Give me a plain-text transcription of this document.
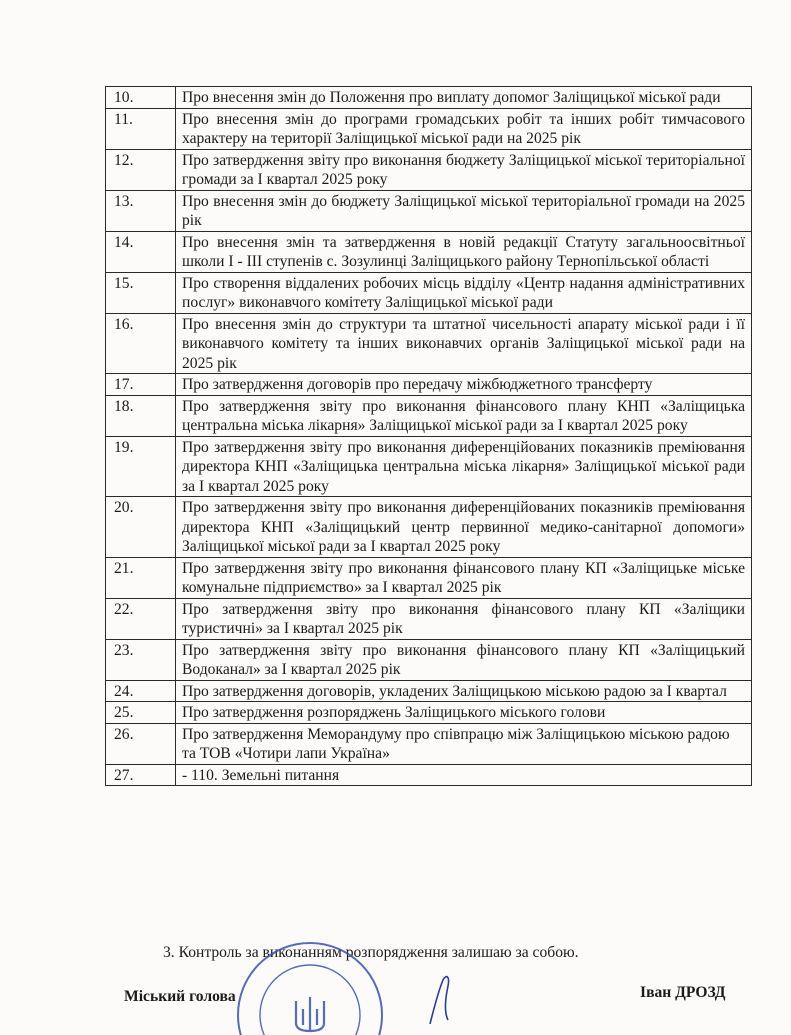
10.	Про внесення змін до Положення про виплату допомог Заліщицької міської ради
11.	Про внесення змін до програми громадських робіт та інших робіт тимчасового характеру на території Заліщицької міської ради на 2025 рік
12.	Про затвердження звіту про виконання бюджету Заліщицької міської територіальної громади за І квартал 2025 року
13.	Про внесення змін до бюджету Заліщицької міської територіальної громади на 2025 рік
14.	Про внесення змін та затвердження в новій редакції Статуту загальноосвітньої школи І - ІІІ ступенів с. Зозулинці Заліщицького району Тернопільської області
15.	Про створення віддалених робочих місць відділу «Центр надання адміністративних послуг» виконавчого комітету Заліщицької міської ради
16.	Про внесення змін до структури та штатної чисельності апарату міської ради і її виконавчого комітету та інших виконавчих органів Заліщицької міської ради на 2025 рік
17.	Про затвердження договорів про передачу міжбюджетного трансферту
18.	Про затвердження звіту про виконання фінансового плану КНП «Заліщицька центральна міська лікарня» Заліщицької міської ради за І квартал 2025 року
19.	Про затвердження звіту про виконання диференційованих показників преміювання директора КНП «Заліщицька центральна міська лікарня» Заліщицької міської ради за І квартал 2025 року
20.	Про затвердження звіту про виконання диференційованих показників преміювання директора КНП «Заліщицький центр первинної медико-санітарної допомоги» Заліщицької міської ради за І квартал 2025 року
21.	Про затвердження звіту про виконання фінансового плану КП «Заліщицьке міське комунальне підприємство» за І квартал 2025 рік
22.	Про затвердження звіту про виконання фінансового плану КП «Заліщики туристичні» за І квартал 2025 рік
23.	Про затвердження звіту про виконання фінансового плану КП «Заліщицький Водоканал» за І квартал 2025 рік
24.	Про затвердження договорів, укладених Заліщицькою міською радою за І квартал
25.	Про затвердження розпоряджень Заліщицького міського голови
26.	Про затвердження Меморандуму про співпрацю між Заліщицькою міською радою та ТОВ «Чотири лапи Україна»
27.	- 110. Земельні питання
3. Контроль за виконанням розпорядження залишаю за собою.
Міський голова	Іван ДРОЗД
